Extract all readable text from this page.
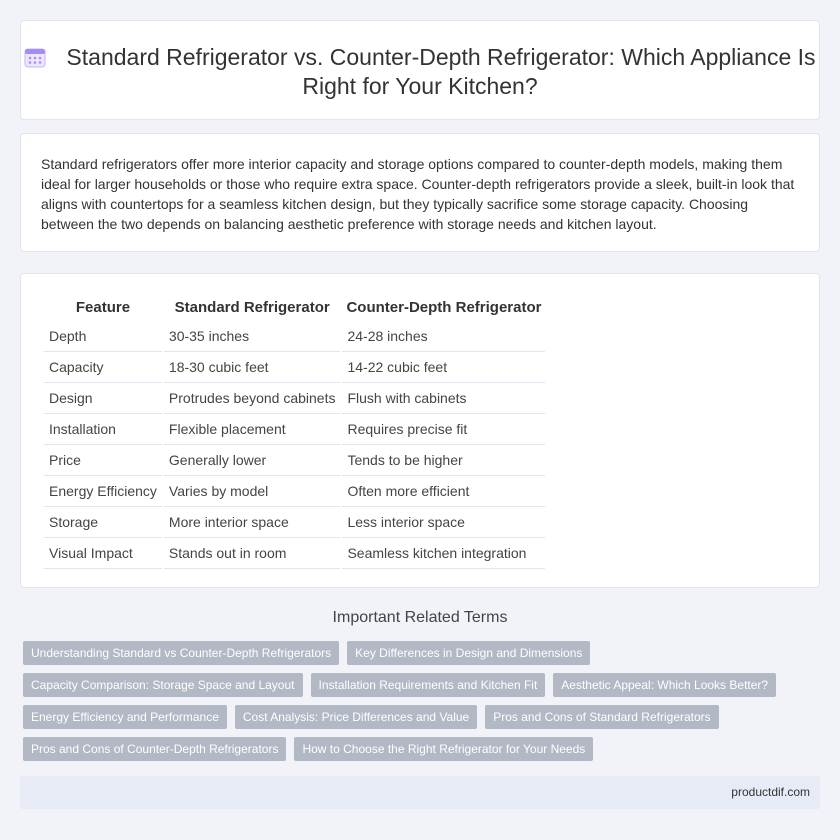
Standard Refrigerator vs. Counter-Depth Refrigerator: Which Appliance Is Right for Your Kitchen?

Standard refrigerators offer more interior capacity and storage options compared to counter-depth models, making them ideal for larger households or those who require extra space. Counter-depth refrigerators provide a sleek, built-in look that aligns with countertops for a seamless kitchen design, but they typically sacrifice some storage capacity. Choosing between the two depends on balancing aesthetic preference with storage needs and kitchen layout.

Feature	Standard Refrigerator	Counter-Depth Refrigerator
Depth	30-35 inches	24-28 inches
Capacity	18-30 cubic feet	14-22 cubic feet
Design	Protrudes beyond cabinets	Flush with cabinets
Installation	Flexible placement	Requires precise fit
Price	Generally lower	Tends to be higher
Energy Efficiency	Varies by model	Often more efficient
Storage	More interior space	Less interior space
Visual Impact	Stands out in room	Seamless kitchen integration
Important Related Terms
Understanding Standard vs Counter-Depth Refrigerators	Key Differences in Design and Dimensions
Capacity Comparison: Storage Space and Layout	Installation Requirements and Kitchen Fit	Aesthetic Appeal: Which Looks Better?
Energy Efficiency and Performance	Cost Analysis: Price Differences and Value	Pros and Cons of Standard Refrigerators
Pros and Cons of Counter-Depth Refrigerators	How to Choose the Right Refrigerator for Your Needs
productdif.com
